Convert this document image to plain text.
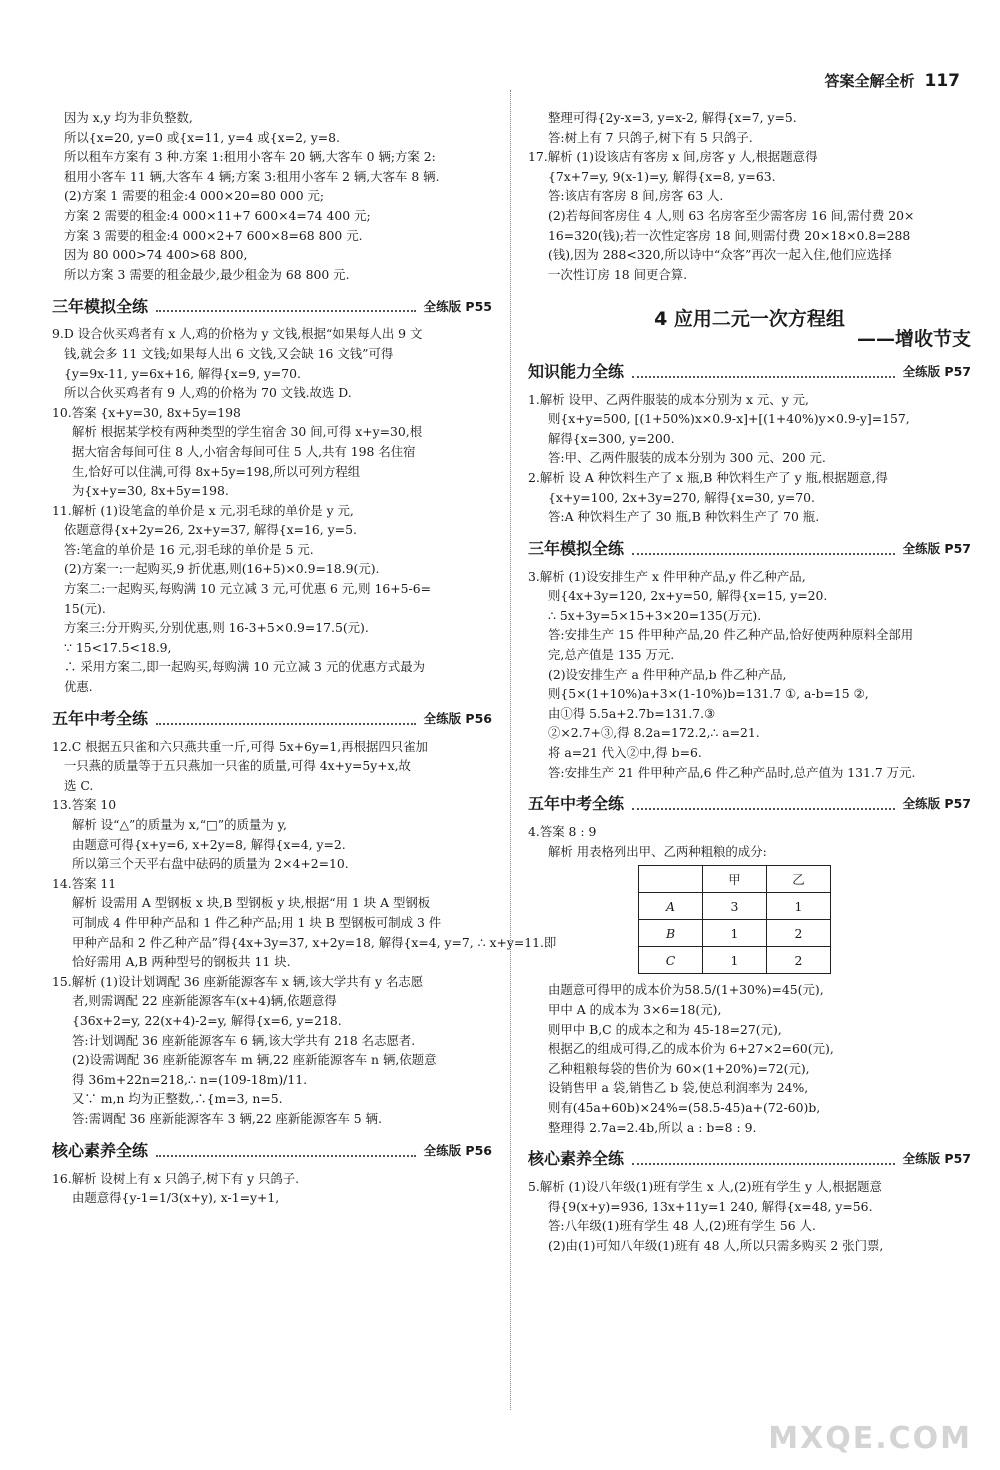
答案全解全析 117
因为 x,y 均为非负整数,
所以{x=20, y=0 或{x=11, y=4 或{x=2, y=8.
所以租车方案有 3 种.方案 1:租用小客车 20 辆,大客车 0 辆;方案 2:
租用小客车 11 辆,大客车 4 辆;方案 3:租用小客车 2 辆,大客车 8 辆.
(2)方案 1 需要的租金:4 000×20=80 000 元;
方案 2 需要的租金:4 000×11+7 600×4=74 400 元;
方案 3 需要的租金:4 000×2+7 600×8=68 800 元.
因为 80 000>74 400>68 800,
所以方案 3 需要的租金最少,最少租金为 68 800 元.
三年模拟全练	全练版 P55
9.D 设合伙买鸡者有 x 人,鸡的价格为 y 文钱,根据“如果每人出 9 文
钱,就会多 11 文钱;如果每人出 6 文钱,又会缺 16 文钱”可得
{y=9x-11, y=6x+16, 解得{x=9, y=70.
所以合伙买鸡者有 9 人,鸡的价格为 70 文钱.故选 D.
10.答案 {x+y=30, 8x+5y=198
解析 根据某学校有两种类型的学生宿舍 30 间,可得 x+y=30,根
据大宿舍每间可住 8 人,小宿舍每间可住 5 人,共有 198 名住宿
生,恰好可以住满,可得 8x+5y=198,所以可列方程组
为{x+y=30, 8x+5y=198.
11.解析 (1)设笔盒的单价是 x 元,羽毛球的单价是 y 元,
依题意得{x+2y=26, 2x+y=37, 解得{x=16, y=5.
答:笔盒的单价是 16 元,羽毛球的单价是 5 元.
(2)方案一:一起购买,9 折优惠,则(16+5)×0.9=18.9(元).
方案二:一起购买,每购满 10 元立减 3 元,可优惠 6 元,则 16+5-6=
15(元).
方案三:分开购买,分别优惠,则 16-3+5×0.9=17.5(元).
∵ 15<17.5<18.9,
∴ 采用方案二,即一起购买,每购满 10 元立减 3 元的优惠方式最为
优惠.
五年中考全练	全练版 P56
12.C 根据五只雀和六只燕共重一斤,可得 5x+6y=1,再根据四只雀加
一只燕的质量等于五只燕加一只雀的质量,可得 4x+y=5y+x,故
选 C.
13.答案 10
解析 设“△”的质量为 x,“□”的质量为 y,
由题意可得{x+y=6, x+2y=8, 解得{x=4, y=2.
所以第三个天平右盘中砝码的质量为 2×4+2=10.
14.答案 11
解析 设需用 A 型钢板 x 块,B 型钢板 y 块,根据“用 1 块 A 型钢板
可制成 4 件甲种产品和 1 件乙种产品;用 1 块 B 型钢板可制成 3 件
甲种产品和 2 件乙种产品”得{4x+3y=37, x+2y=18, 解得{x=4, y=7, ∴ x+y=11.即
恰好需用 A,B 两种型号的钢板共 11 块.
15.解析 (1)设计划调配 36 座新能源客车 x 辆,该大学共有 y 名志愿
者,则需调配 22 座新能源客车(x+4)辆,依题意得
{36x+2=y, 22(x+4)-2=y, 解得{x=6, y=218.
答:计划调配 36 座新能源客车 6 辆,该大学共有 218 名志愿者.
(2)设需调配 36 座新能源客车 m 辆,22 座新能源客车 n 辆,依题意
得 36m+22n=218,∴ n=(109-18m)/11.
又∵ m,n 均为正整数,∴{m=3, n=5.
答:需调配 36 座新能源客车 3 辆,22 座新能源客车 5 辆.
核心素养全练	全练版 P56
16.解析 设树上有 x 只鸽子,树下有 y 只鸽子.
由题意得{y-1=1/3(x+y), x-1=y+1,
整理可得{2y-x=3, y=x-2, 解得{x=7, y=5.
答:树上有 7 只鸽子,树下有 5 只鸽子.
17.解析 (1)设该店有客房 x 间,房客 y 人,根据题意得
{7x+7=y, 9(x-1)=y, 解得{x=8, y=63.
答:该店有客房 8 间,房客 63 人.
(2)若每间客房住 4 人,则 63 名房客至少需客房 16 间,需付费 20×
16=320(钱);若一次性定客房 18 间,则需付费 20×18×0.8=288
(钱),因为 288<320,所以诗中“众客”再次一起入住,他们应选择
一次性订房 18 间更合算.
4 应用二元一次方程组
——增收节支
知识能力全练	全练版 P57
1.解析 设甲、乙两件服装的成本分别为 x 元、y 元,
则{x+y=500, [(1+50%)x×0.9-x]+[(1+40%)y×0.9-y]=157,
解得{x=300, y=200.
答:甲、乙两件服装的成本分别为 300 元、200 元.
2.解析 设 A 种饮料生产了 x 瓶,B 种饮料生产了 y 瓶,根据题意,得
{x+y=100, 2x+3y=270, 解得{x=30, y=70.
答:A 种饮料生产了 30 瓶,B 种饮料生产了 70 瓶.
三年模拟全练	全练版 P57
3.解析 (1)设安排生产 x 件甲种产品,y 件乙种产品,
则{4x+3y=120, 2x+y=50, 解得{x=15, y=20.
∴ 5x+3y=5×15+3×20=135(万元).
答:安排生产 15 件甲种产品,20 件乙种产品,恰好使两种原料全部用
完,总产值是 135 万元.
(2)设安排生产 a 件甲种产品,b 件乙种产品,
则{5×(1+10%)a+3×(1-10%)b=131.7 ①, a-b=15 ②,
由①得 5.5a+2.7b=131.7.③
②×2.7+③,得 8.2a=172.2,∴ a=21.
将 a=21 代入②中,得 b=6.
答:安排生产 21 件甲种产品,6 件乙种产品时,总产值为 131.7 万元.
五年中考全练	全练版 P57
4.答案 8 : 9
解析 用表格列出甲、乙两种粗粮的成分:
	甲	乙
A	3	1
B	1	2
C	1	2
由题意可得甲的成本价为58.5/(1+30%)=45(元),
甲中 A 的成本为 3×6=18(元),
则甲中 B,C 的成本之和为 45-18=27(元),
根据乙的组成可得,乙的成本价为 6+27×2=60(元),
乙种粗粮每袋的售价为 60×(1+20%)=72(元),
设销售甲 a 袋,销售乙 b 袋,使总利润率为 24%,
则有(45a+60b)×24%=(58.5-45)a+(72-60)b,
整理得 2.7a=2.4b,所以 a : b=8 : 9.
核心素养全练	全练版 P57
5.解析 (1)设八年级(1)班有学生 x 人,(2)班有学生 y 人,根据题意
得{9(x+y)=936, 13x+11y=1 240, 解得{x=48, y=56.
答:八年级(1)班有学生 48 人,(2)班有学生 56 人.
(2)由(1)可知八年级(1)班有 48 人,所以只需多购买 2 张门票,
MXQE.COM
